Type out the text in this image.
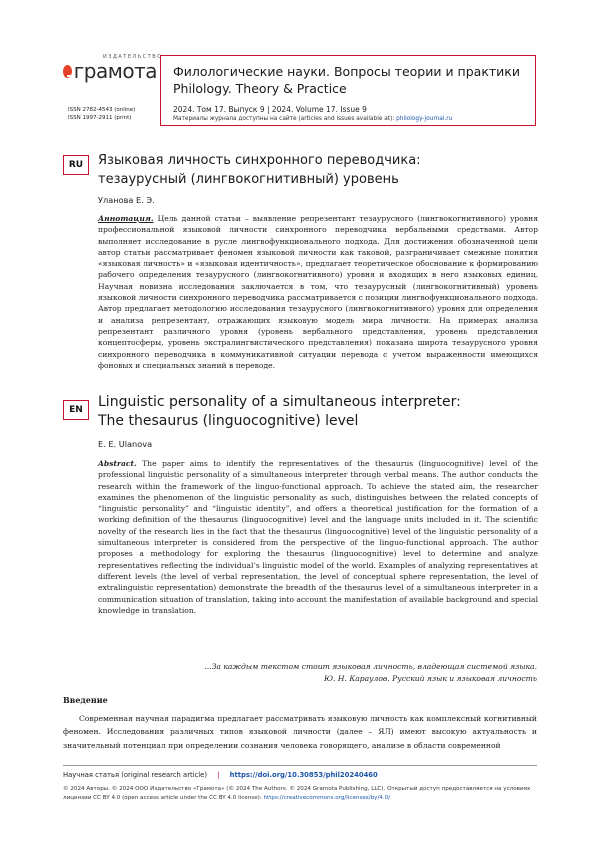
ИЗДАТЕЛЬСТВО
грамота
ISSN 2782-4543 (online)
ISSN 1997-2911 (print)
Филологические науки. Вопросы теории и практики
Philology. Theory & Practice
2024. Том 17. Выпуск 9 | 2024. Volume 17. Issue 9
Материалы журнала доступны на сайте (articles and issues available at): philology-journal.ru
RU	Языковая личность синхронного переводчика:
тезаурусный (лингвокогнитивный) уровень
Уланова Е. Э.
Аннотация. Цель данной статьи – выявление репрезентант тезаурусного (лингвокогнитивного) уровня профессиональной языковой личности синхронного переводчика вербальными средствами. Автор выполняет исследование в русле лингвофункционального подхода. Для достижения обозначенной цели автор статьи рассматривает феномен языковой личности как таковой, разграничивает смежные понятия «языковая личность» и «языковая идентичность», предлагает теоретическое обоснование к формированию рабочего определения тезаурусного (лингвокогнитивного) уровня и входящих в него языковых единиц. Научная новизна исследования заключается в том, что тезаурусный (лингвокогнитивный) уровень языковой личности синхронного переводчика рассматривается с позиции лингвофункционального подхода. Автор предлагает методологию исследования тезаурусного (лингвокогнитивного) уровня для определения и анализа репрезентант, отражающих языковую модель мира личности. На примерах анализа репрезентант различного уровня (уровень вербального представления, уровень представления концептосферы, уровень экстралингвистического представления) показана широта тезаурусного уровня синхронного переводчика в коммуникативной ситуации перевода с учетом выраженности имеющихся фоновых и специальных знаний в переводе.
EN	Linguistic personality of a simultaneous interpreter:
The thesaurus (linguocognitive) level
E. E. Ulanova
Abstract. The paper aims to identify the representatives of the thesaurus (linguocognitive) level of the professional linguistic personality of a simultaneous interpreter through verbal means. The author conducts the research within the framework of the linguo-functional approach. To achieve the stated aim, the researcher examines the phenomenon of the linguistic personality as such, distinguishes between the related concepts of “linguistic personality” and “linguistic identity”, and offers a theoretical justification for the formation of a working definition of the thesaurus (linguocognitive) level and the language units included in it. The scientific novelty of the research lies in the fact that the thesaurus (linguocognitive) level of the linguistic personality of a simultaneous interpreter is considered from the perspective of the linguo-functional approach. The author proposes a methodology for exploring the thesaurus (linguocognitive) level to determine and analyze representatives reflecting the individual’s linguistic model of the world. Examples of analyzing representatives at different levels (the level of verbal representation, the level of conceptual sphere representation, the level of extralinguistic representation) demonstrate the breadth of the thesaurus level of a simultaneous interpreter in a communication situation of translation, taking into account the manifestation of available background and special knowledge in translation.
...За каждым текстом стоит языковая личность, владеющая системой языка.
Ю. Н. Караулов. Русский язык и языковая личность
Введение
Современная научная парадигма предлагает рассматривать языковую личность как комплексный когнитивный феномен. Исследования различных типов языковой личности (далее – ЯЛ) имеют высокую актуальность и значительный потенциал при определении сознания человека говорящего, анализе в области современной
Научная статья (original research article) | https://doi.org/10.30853/phil20240460
© 2024 Авторы. © 2024 ООО Издательство «Грамота» (© 2024 The Authors. © 2024 Gramota Publishing, LLC). Открытый доступ предоставляется на условиях лицензии CC BY 4.0 (open access article under the CC BY 4.0 license): https://creativecommons.org/licenses/by/4.0/
